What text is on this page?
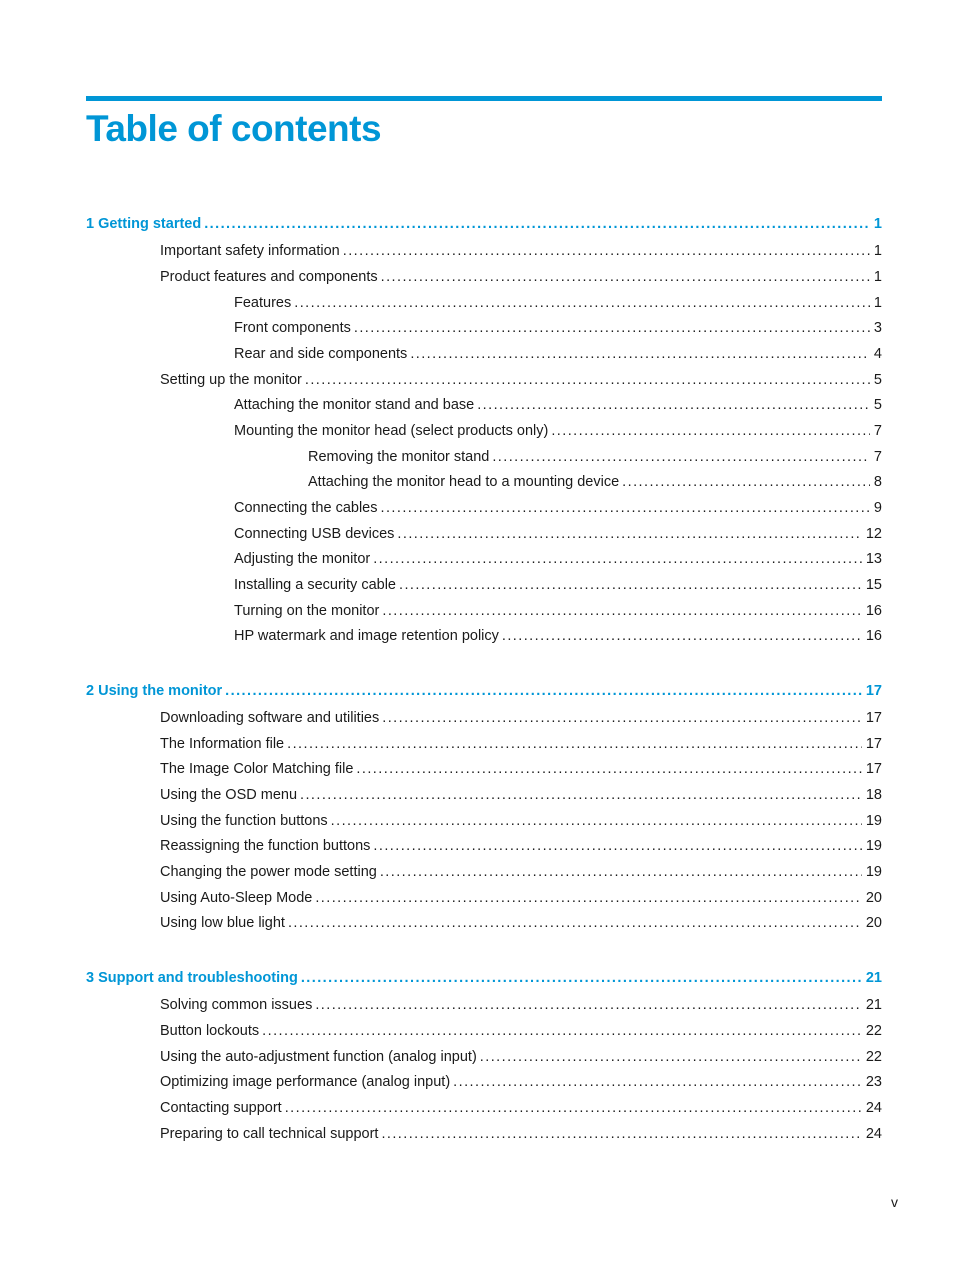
Table of contents
1 Getting started . . .	1
Important safety information . . .	1
Product features and components . . .	1
Features . . .	1
Front components . . .	3
Rear and side components . . .	4
Setting up the monitor . . .	5
Attaching the monitor stand and base . . .	5
Mounting the monitor head (select products only) . . .	7
Removing the monitor stand . . .	7
Attaching the monitor head to a mounting device . . .	8
Connecting the cables . . .	9
Connecting USB devices . . .	12
Adjusting the monitor . . .	13
Installing a security cable . . .	15
Turning on the monitor . . .	16
HP watermark and image retention policy . . .	16
2 Using the monitor . . .	17
Downloading software and utilities . . .	17
The Information file . . .	17
The Image Color Matching file . . .	17
Using the OSD menu . . .	18
Using the function buttons . . .	19
Reassigning the function buttons . . .	19
Changing the power mode setting . . .	19
Using Auto-Sleep Mode . . .	20
Using low blue light . . .	20
3 Support and troubleshooting . . .	21
Solving common issues . . .	21
Button lockouts . . .	22
Using the auto-adjustment function (analog input) . . .	22
Optimizing image performance (analog input) . . .	23
Contacting support . . .	24
Preparing to call technical support . . .	24
v
